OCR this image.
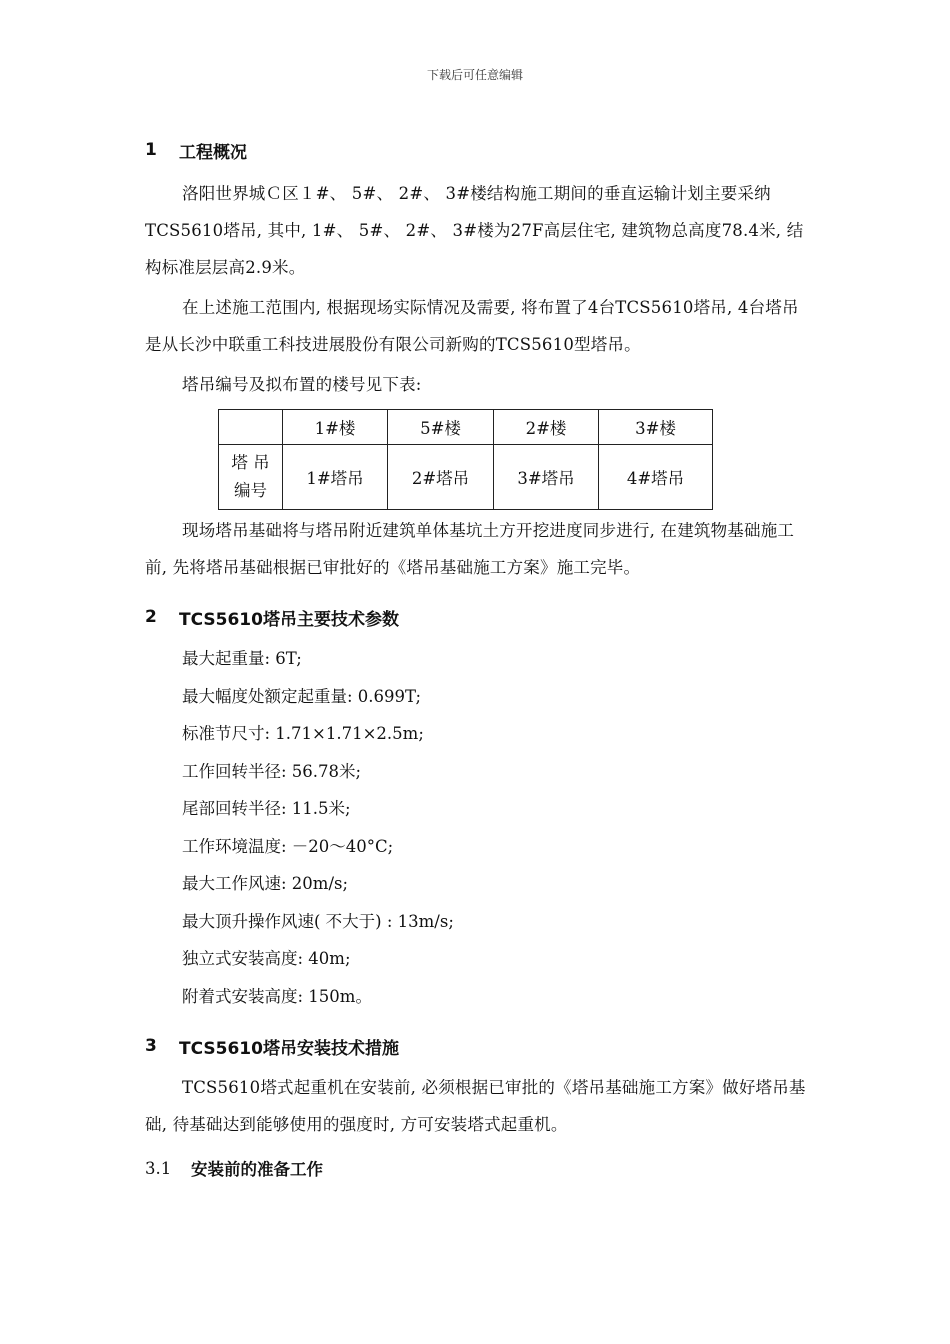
下载后可任意编辑
1	工程概况

洛阳世界城Ｃ区１#、 5#、 2#、 3#楼结构施工期间的垂直运输计划主要采纳TCS5610塔吊, 其中, 1#、 5#、 2#、 3#楼为27F高层住宅, 建筑物总高度78.4米, 结构标准层层高2.9米。

在上述施工范围内, 根据现场实际情况及需要, 将布置了4台TCS5610塔吊, 4台塔吊是从长沙中联重工科技进展股份有限公司新购的TCS5610型塔吊。

塔吊编号及拟布置的楼号见下表:

	1#楼	5#楼	2#楼	3#楼

塔 吊
编号	1#塔吊	2#塔吊	3#塔吊	4#塔吊

现场塔吊基础将与塔吊附近建筑单体基坑土方开挖进度同步进行, 在建筑物基础施工前, 先将塔吊基础根据已审批好的《塔吊基础施工方案》施工完毕。

2	TCS5610塔吊主要技术参数

最大起重量: 6T;

最大幅度处额定起重量: 0.699T;

标准节尺寸: 1.71×1.71×2.5m;

工作回转半径: 56.78米;

尾部回转半径: 11.5米;

工作环境温度: －20～40°C;

最大工作风速: 20m/s;

最大顶升操作风速( 不大于) : 13m/s;

独立式安装高度: 40m;

附着式安装高度: 150m。

3	TCS5610塔吊安装技术措施

TCS5610塔式起重机在安装前, 必须根据已审批的《塔吊基础施工方案》做好塔吊基础, 待基础达到能够使用的强度时, 方可安装塔式起重机。

3.1	安装前的准备工作
